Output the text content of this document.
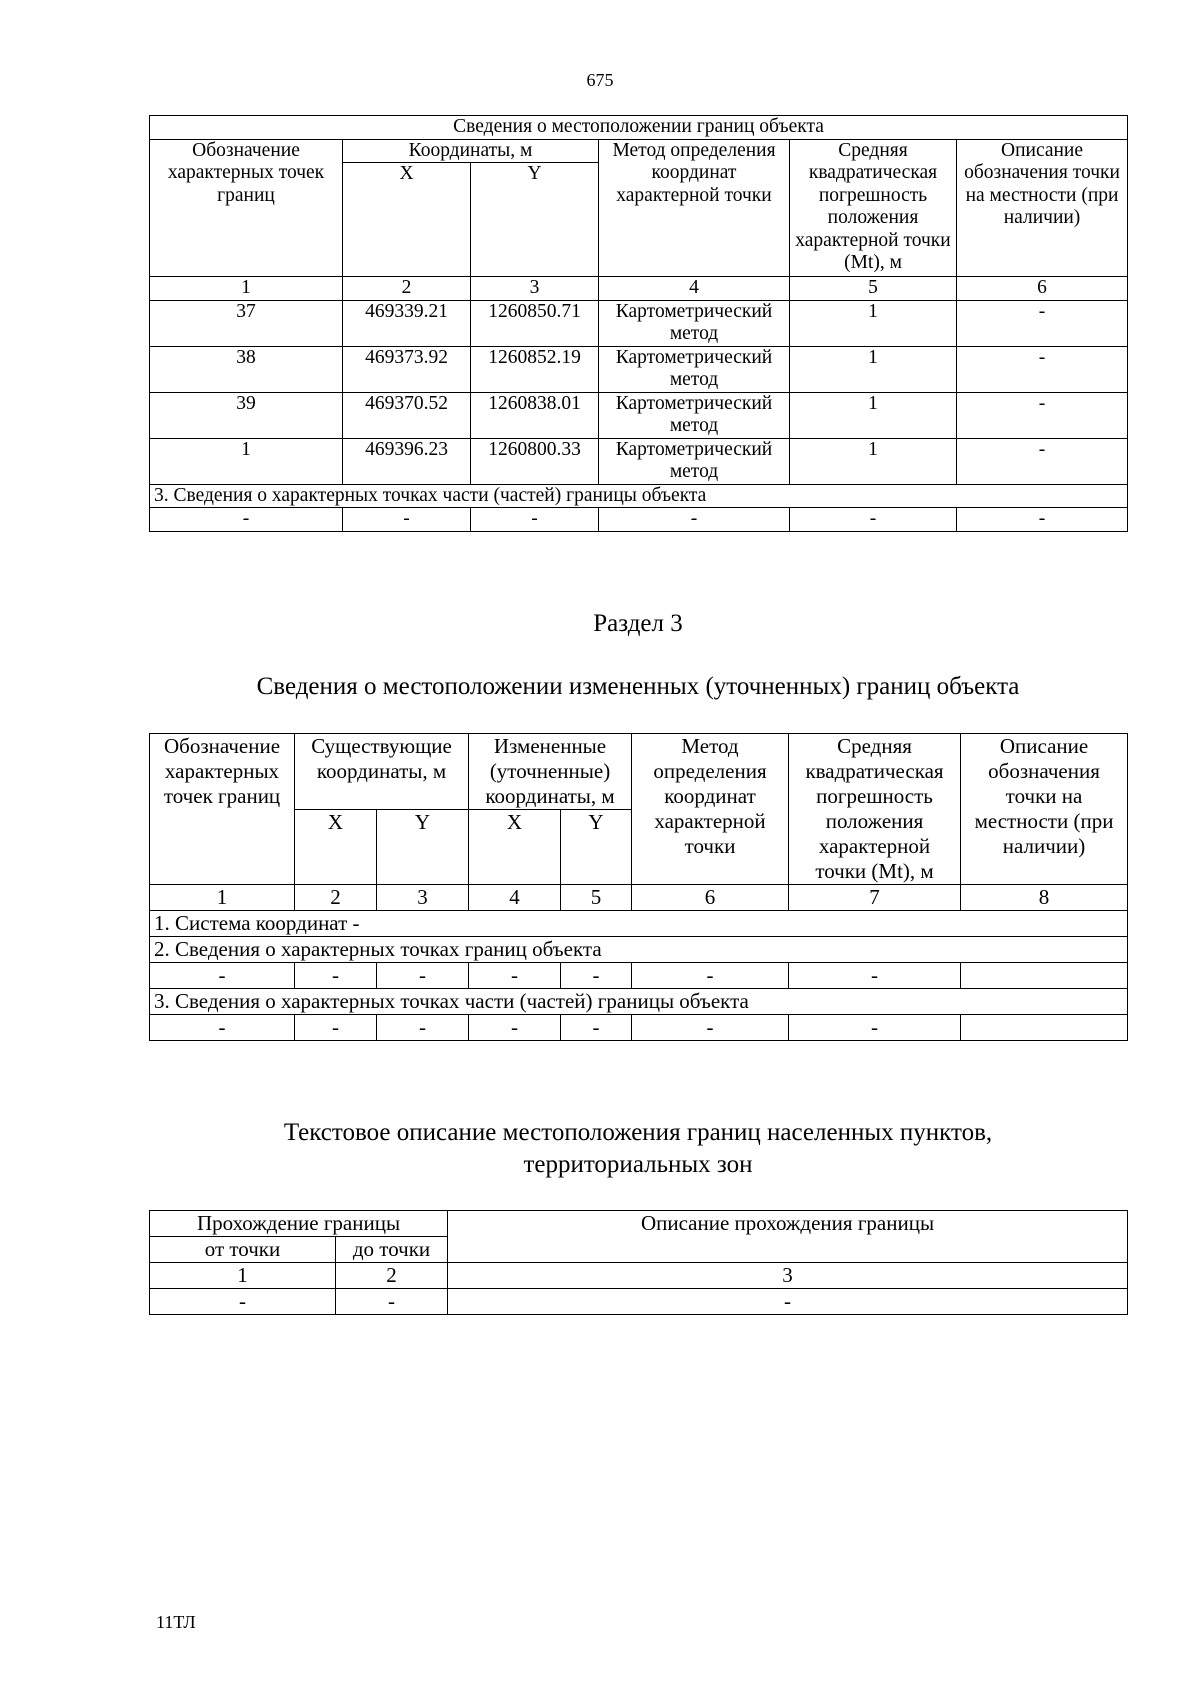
675
Сведения о местоположении границ объекта					
Обозначение характерных точек границ	Координаты, м		Метод определения координат характерной точки	Средняя квадратическая погрешность положения характерной точки (Mt), м	Описание обозначения точки на местности (при наличии)
	X	Y			
1	2	3	4	5	6
37	469339.21	1260850.71	Картометрический метод	1	-
38	469373.92	1260852.19	Картометрический метод	1	-
39	469370.52	1260838.01	Картометрический метод	1	-
1	469396.23	1260800.33	Картометрический метод	1	-
3. Сведения о характерных точках части (частей) границы объекта					
-	-	-	-	-	-
Раздел 3
Сведения о местоположении измененных (уточненных) границ объекта
Обозначение характерных точек границ	Существующие координаты, м		Измененные (уточненные) координаты, м		Метод определения координат характерной точки	Средняя квадратическая погрешность положения характерной точки (Mt), м	Описание обозначения точки на местности (при наличии)
	X	Y	X	Y			
1	2	3	4	5	6	7	8
1. Система координат -							
2. Сведения о характерных точках границ объекта							
-	-	-	-	-	-	-	
3. Сведения о характерных точках части (частей) границы объекта							
-	-	-	-	-	-	-	
Текстовое описание местоположения границ населенных пунктов,
территориальных зон
Прохождение границы		Описание прохождения границы
от точки	до точки	
1	2	3
-	-	-
11ТЛ
